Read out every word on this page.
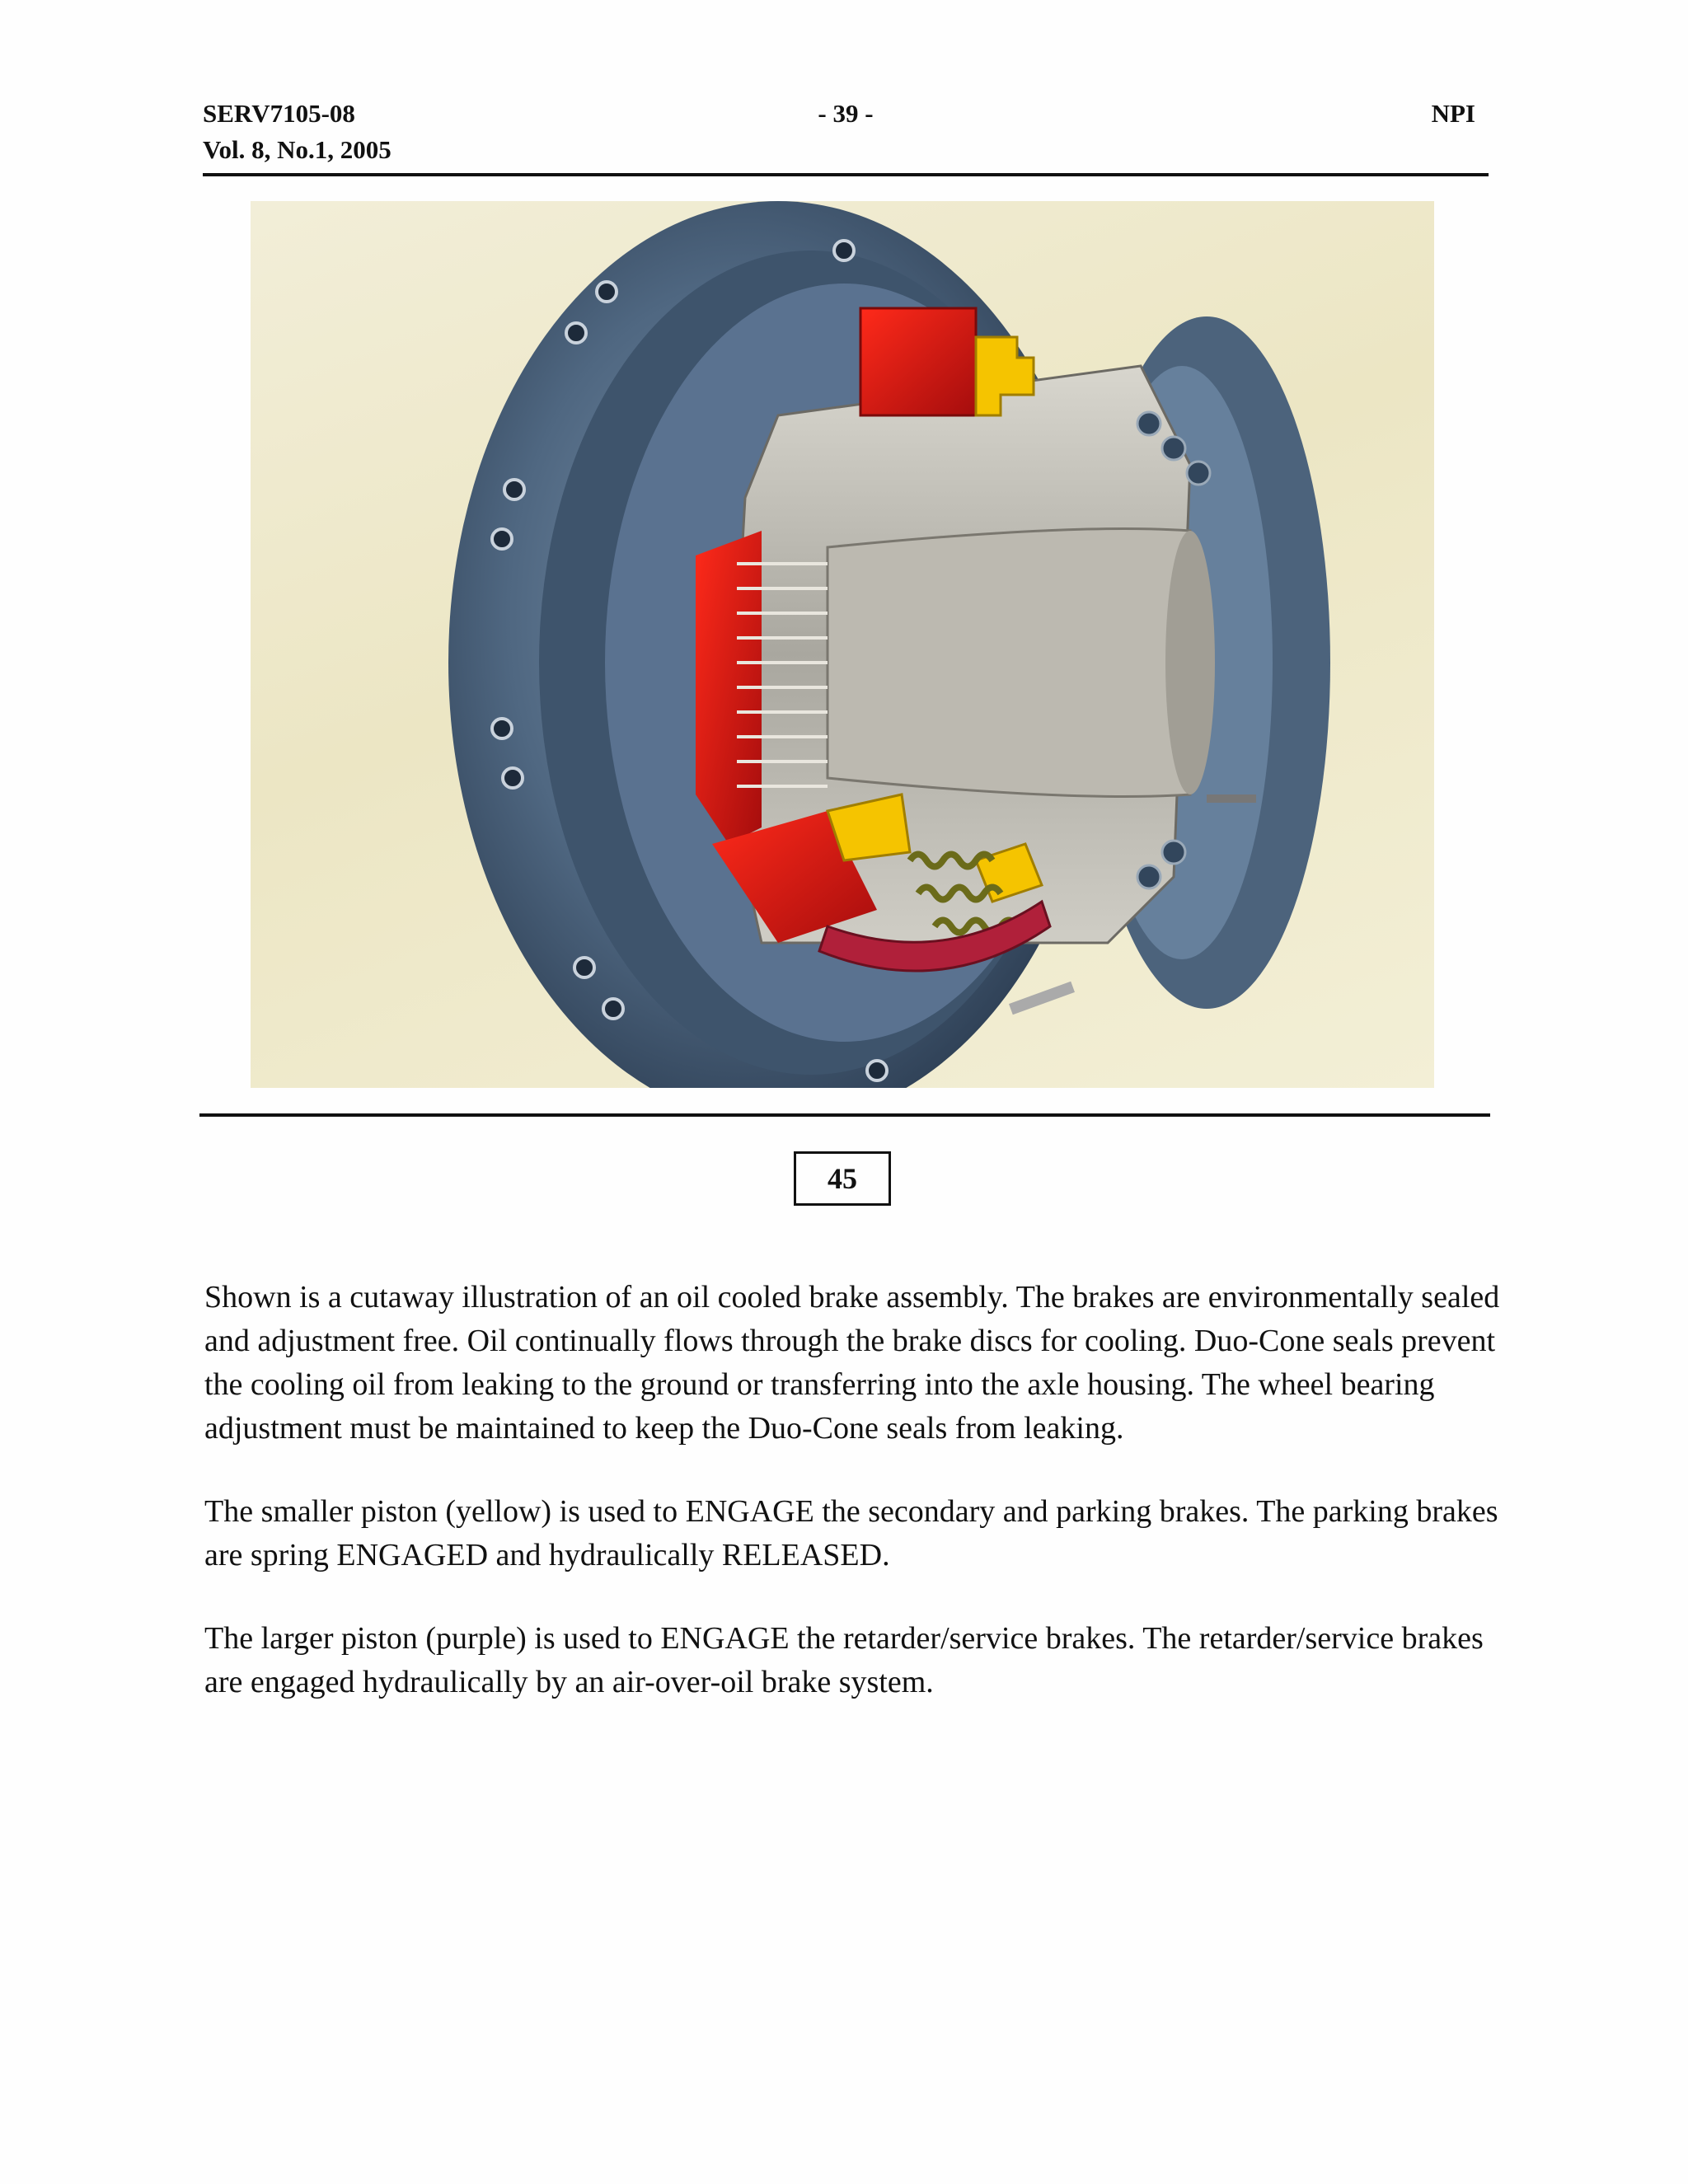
SERV7105-08
Vol. 8, No.1, 2005
- 39 -	NPI
45

Shown is a cutaway illustration of an oil cooled brake assembly. The brakes are environmentally sealed and adjustment free. Oil continually flows through the brake discs for cooling. Duo-Cone seals prevent the cooling oil from leaking to the ground or transferring into the axle housing. The wheel bearing adjustment must be maintained to keep the Duo-Cone seals from leaking.

The smaller piston (yellow) is used to ENGAGE the secondary and parking brakes. The parking brakes are spring ENGAGED and hydraulically RELEASED.

The larger piston (purple) is used to ENGAGE the retarder/service brakes. The retarder/service brakes are engaged hydraulically by an air-over-oil brake system.
